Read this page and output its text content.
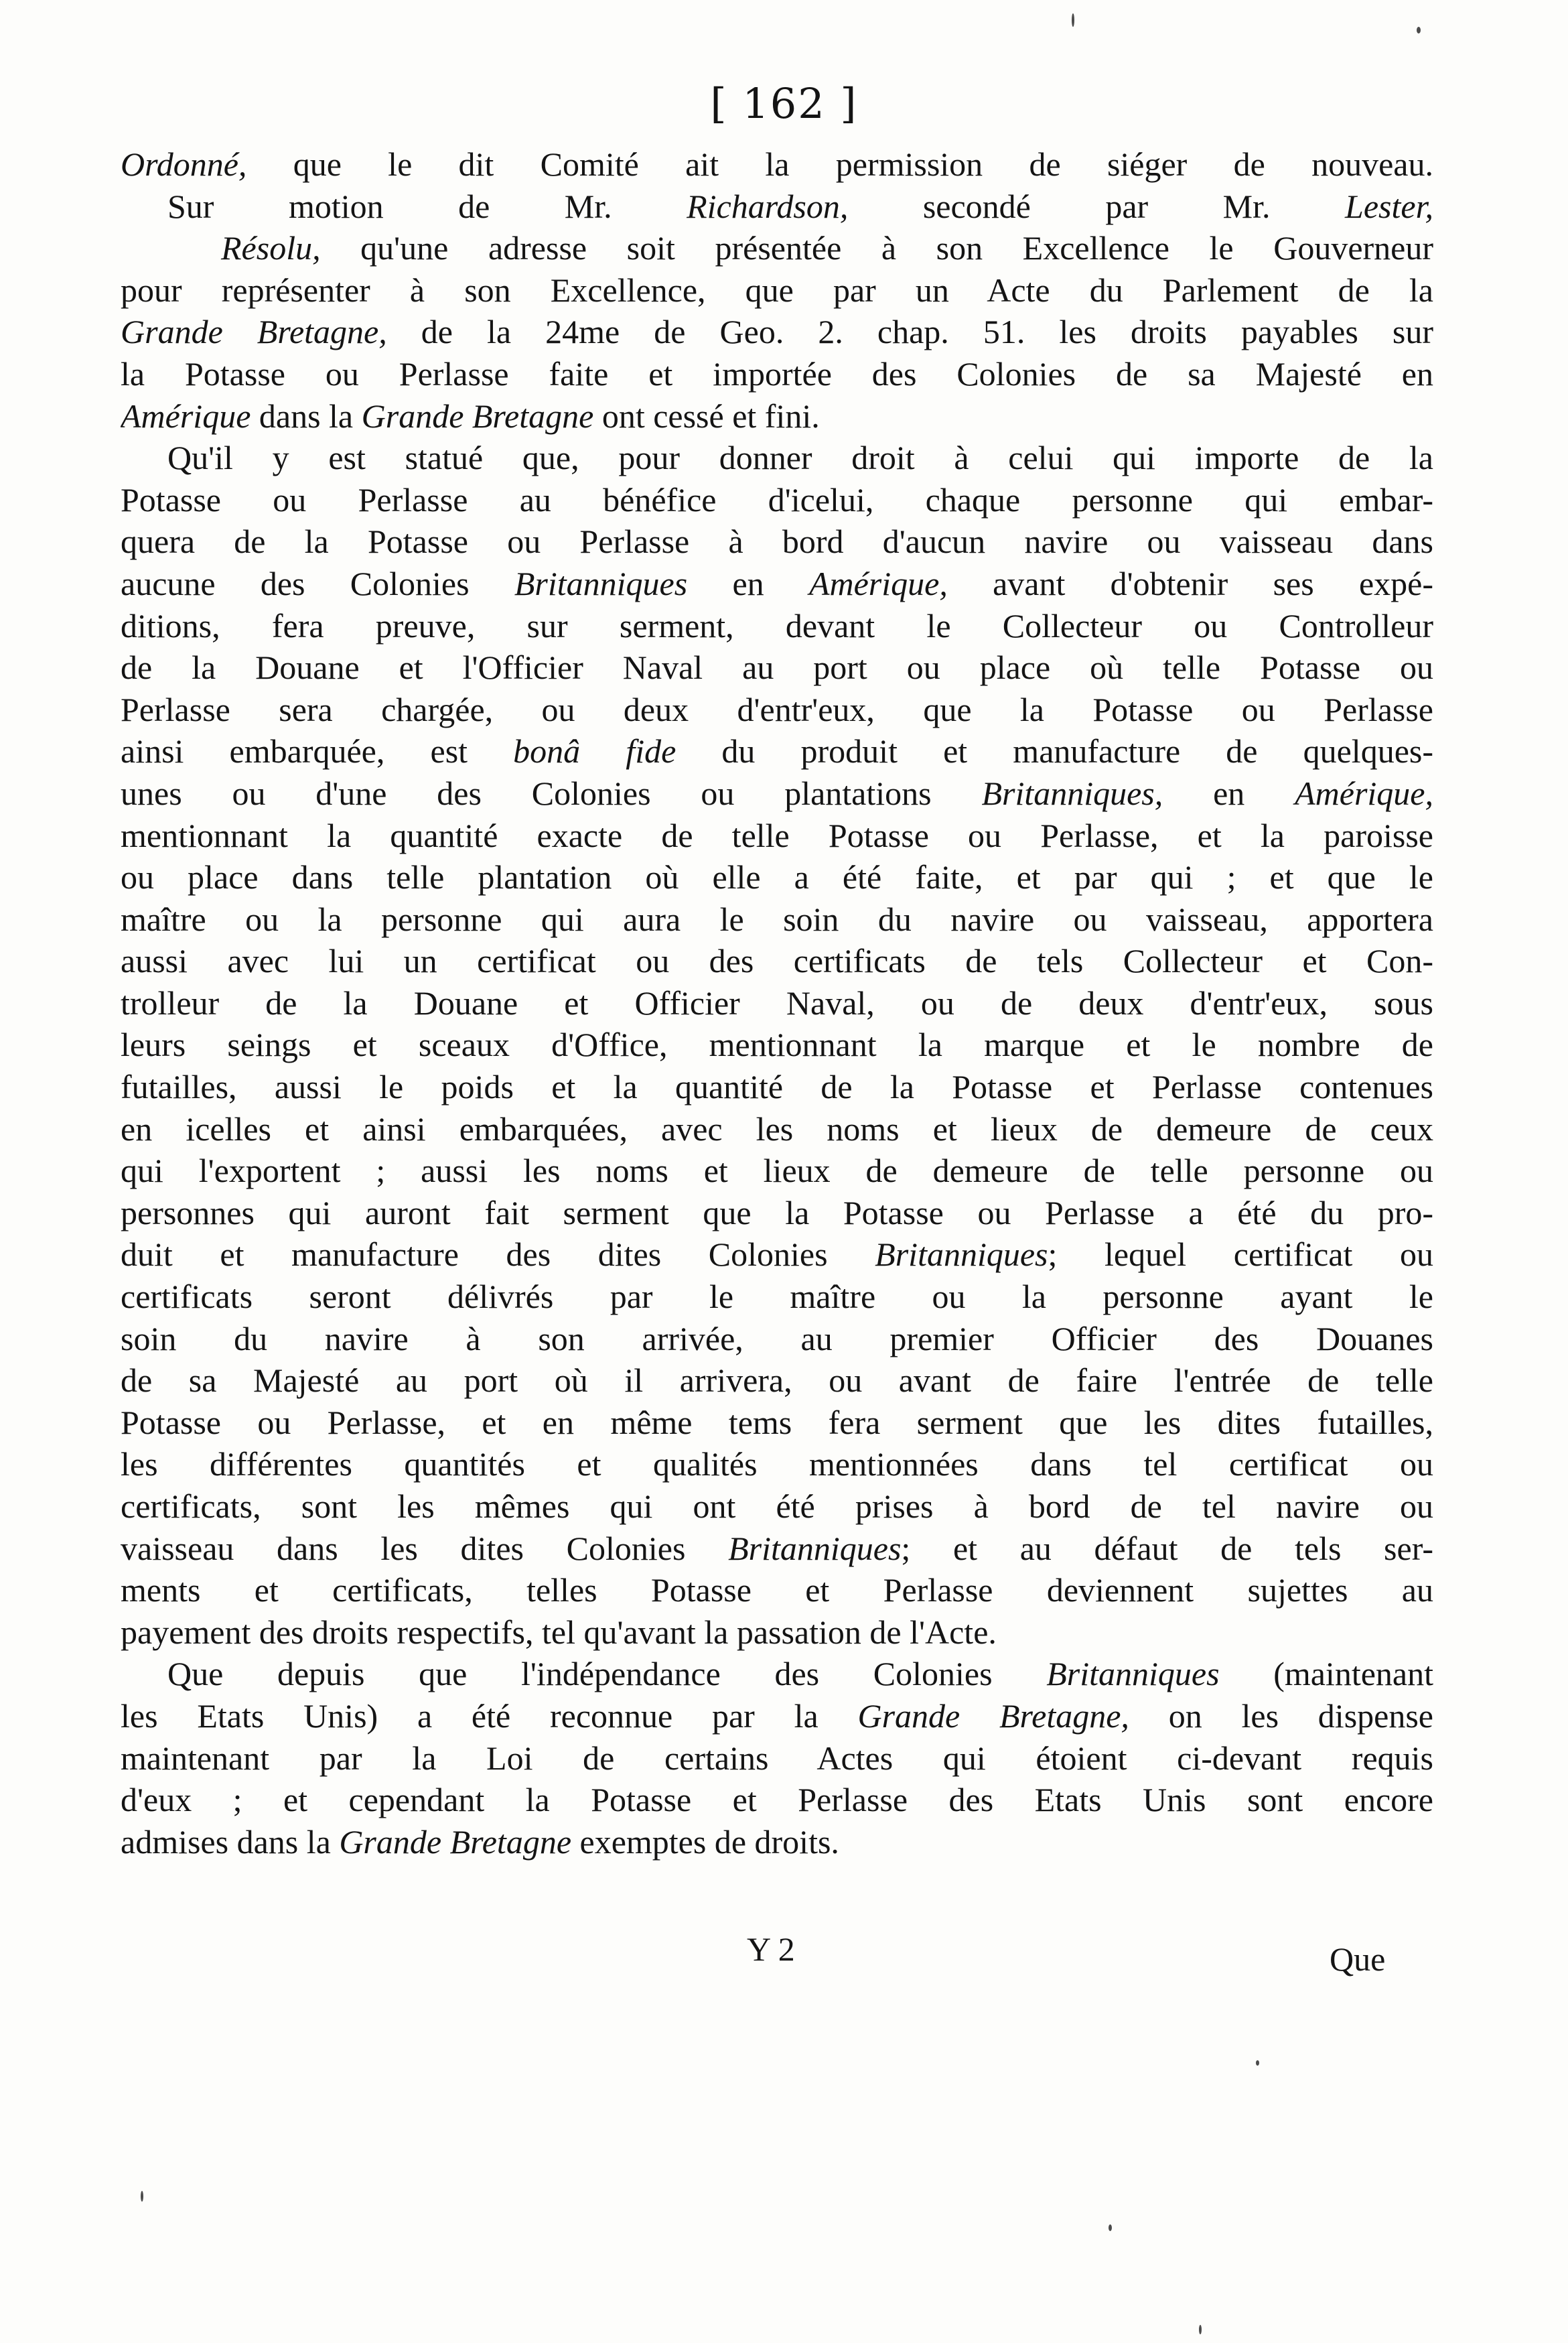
[ 162 ]
Ordonné, que le dit Comité ait la permission de siéger de nouveau.
Sur motion de Mr. Richardson, secondé par Mr. Lester,
Résolu, qu'une adresse soit présentée à son Excellence le Gouverneur
pour représenter à son Excellence, que par un Acte du Parlement de la
Grande Bretagne, de la 24me de Geo. 2. chap. 51. les droits payables sur
la Potasse ou Perlasse faite et importée des Colonies de sa Majesté en
Amérique dans la Grande Bretagne ont cessé et fini.
Qu'il y est statué que, pour donner droit à celui qui importe de la
Potasse ou Perlasse au bénéfice d'icelui, chaque personne qui embar-
quera de la Potasse ou Perlasse à bord d'aucun navire ou vaisseau dans
aucune des Colonies Britanniques en Amérique, avant d'obtenir ses expé-
ditions, fera preuve, sur serment, devant le Collecteur ou Controlleur
de la Douane et l'Officier Naval au port ou place où telle Potasse ou
Perlasse sera chargée, ou deux d'entr'eux, que la Potasse ou Perlasse
ainsi embarquée, est bonâ fide du produit et manufacture de quelques-
unes ou d'une des Colonies ou plantations Britanniques, en Amérique,
mentionnant la quantité exacte de telle Potasse ou Perlasse, et la paroisse
ou place dans telle plantation où elle a été faite, et par qui ; et que le
maître ou la personne qui aura le soin du navire ou vaisseau, apportera
aussi avec lui un certificat ou des certificats de tels Collecteur et Con-
trolleur de la Douane et Officier Naval, ou de deux d'entr'eux, sous
leurs seings et sceaux d'Office, mentionnant la marque et le nombre de
futailles, aussi le poids et la quantité de la Potasse et Perlasse contenues
en icelles et ainsi embarquées, avec les noms et lieux de demeure de ceux
qui l'exportent ; aussi les noms et lieux de demeure de telle personne ou
personnes qui auront fait serment que la Potasse ou Perlasse a été du pro-
duit et manufacture des dites Colonies Britanniques; lequel certificat ou
certificats seront délivrés par le maître ou la personne ayant le
soin du navire à son arrivée, au premier Officier des Douanes
de sa Majesté au port où il arrivera, ou avant de faire l'entrée de telle
Potasse ou Perlasse, et en même tems fera serment que les dites futailles,
les différentes quantités et qualités mentionnées dans tel certificat ou
certificats, sont les mêmes qui ont été prises à bord de tel navire ou
vaisseau dans les dites Colonies Britanniques; et au défaut de tels ser-
ments et certificats, telles Potasse et Perlasse deviennent sujettes au
payement des droits respectifs, tel qu'avant la passation de l'Acte.
Que depuis que l'indépendance des Colonies Britanniques (maintenant
les Etats Unis) a été reconnue par la Grande Bretagne, on les dispense
maintenant par la Loi de certains Actes qui étoient ci-devant requis
d'eux ; et cependant la Potasse et Perlasse des Etats Unis sont encore
admises dans la Grande Bretagne exemptes de droits.
Y 2	Que
